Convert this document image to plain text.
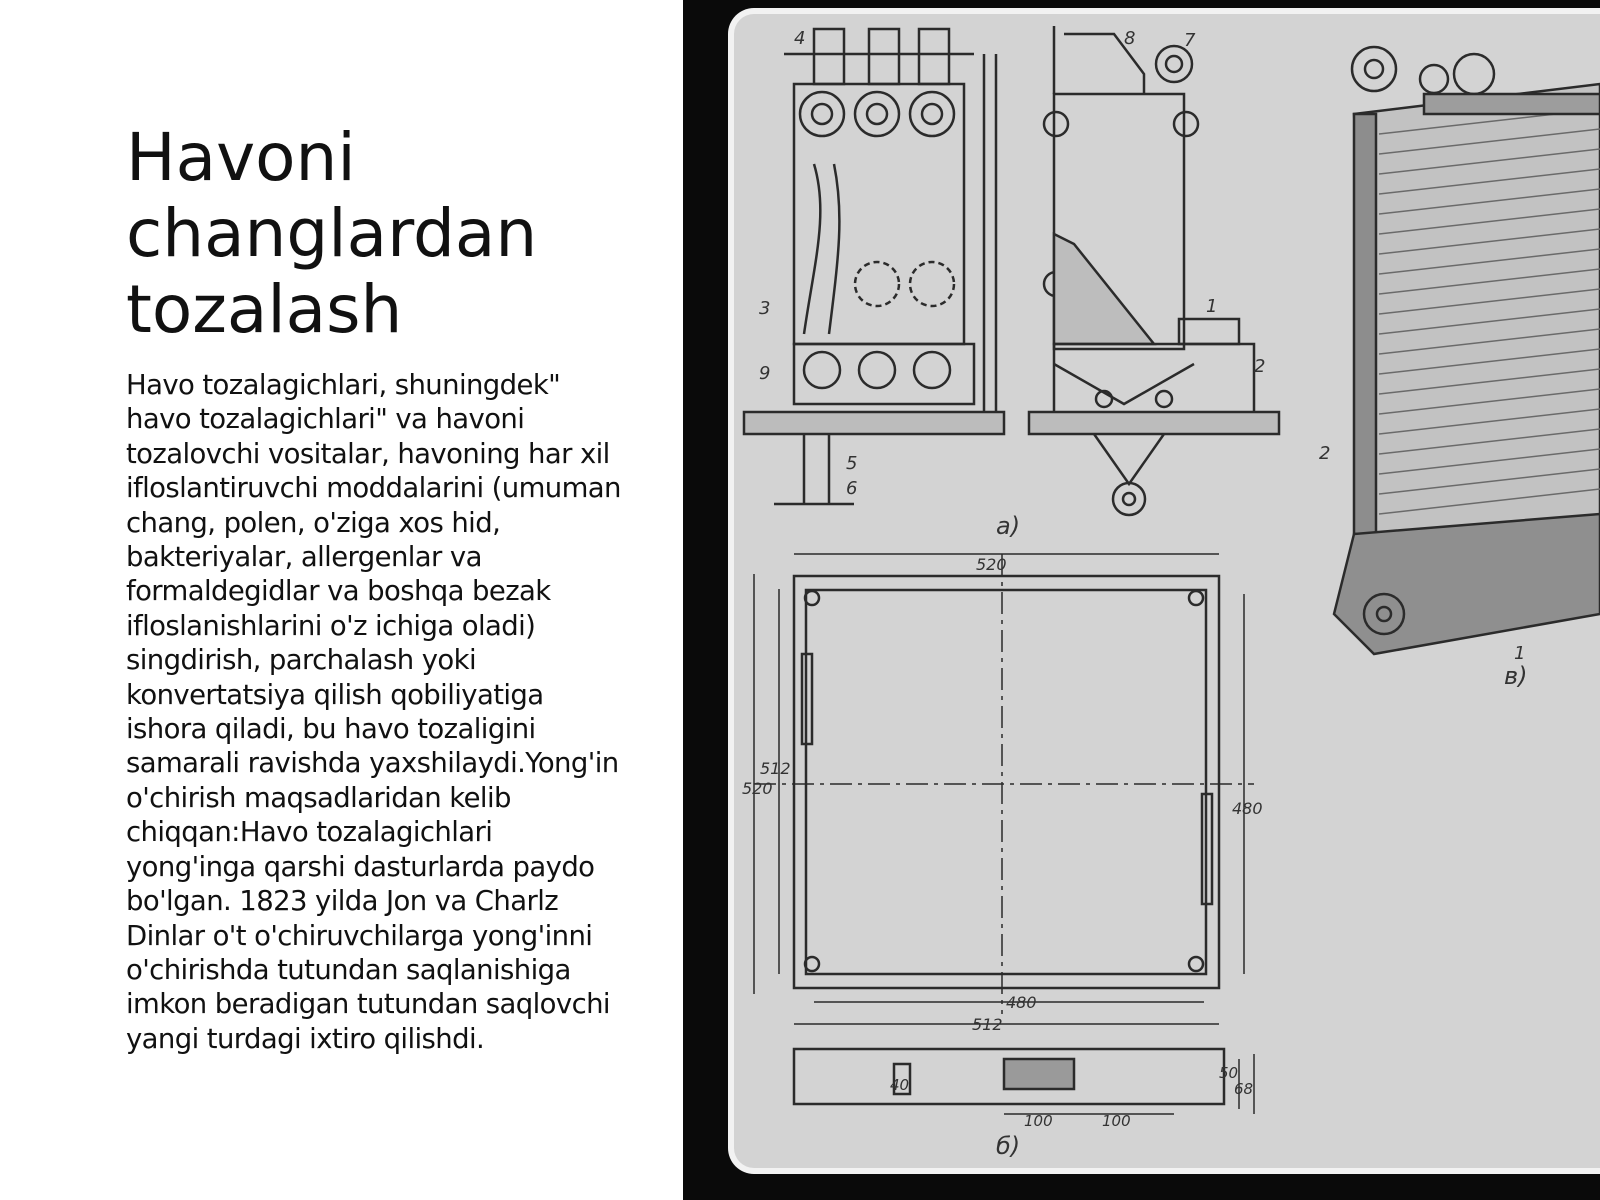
Havoni changlardan tozalash

Havo tozalagichlari, shuningdek" havo tozalagichlari" va havoni tozalovchi vositalar, havoning har xil ifloslantiruvchi moddalarini (umuman chang, polen, o'ziga xos hid, bakteriyalar, allergenlar va formaldegidlar va boshqa bezak ifloslanishlarini o'z ichiga oladi) singdirish, parchalash yoki konvertatsiya qilish qobiliyatiga ishora qiladi, bu havo tozaligini samarali ravishda yaxshilaydi.Yong'in o'chirish maqsadlaridan kelib chiqqan:Havo tozalagichlari yong'inga qarshi dasturlarda paydo bo'lgan. 1823 yilda Jon va Charlz Dinlar o't o'chiruvchilarga yong'inni o'chirishda tutundan saqlanishiga imkon beradigan tutundan saqlovchi yangi turdagi ixtiro qilishdi.

a)
б)
в)
4
3
9
5
6
8	7
1
2
2
1
520
520
512
480
480
512
40
50
68
100	100
